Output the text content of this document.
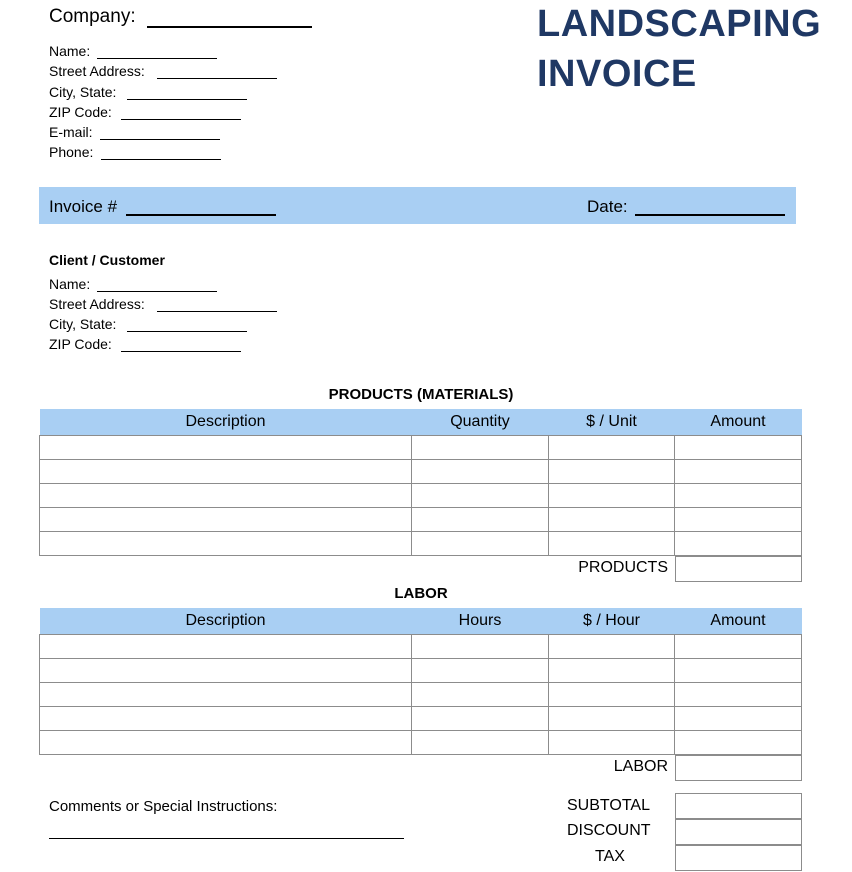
Company:
Name:
Street Address:
City, State:
ZIP Code:
E-mail:
Phone:
LANDSCAPING
INVOICE
Invoice #	Date:
Client / Customer
Name:
Street Address:
City, State:
ZIP Code:
PRODUCTS (MATERIALS)
Description	Quantity	$ / Unit	Amount

PRODUCTS
LABOR
Description	Hours	$ / Hour	Amount

LABOR
Comments or Special Instructions:	SUBTOTAL
DISCOUNT
TAX
